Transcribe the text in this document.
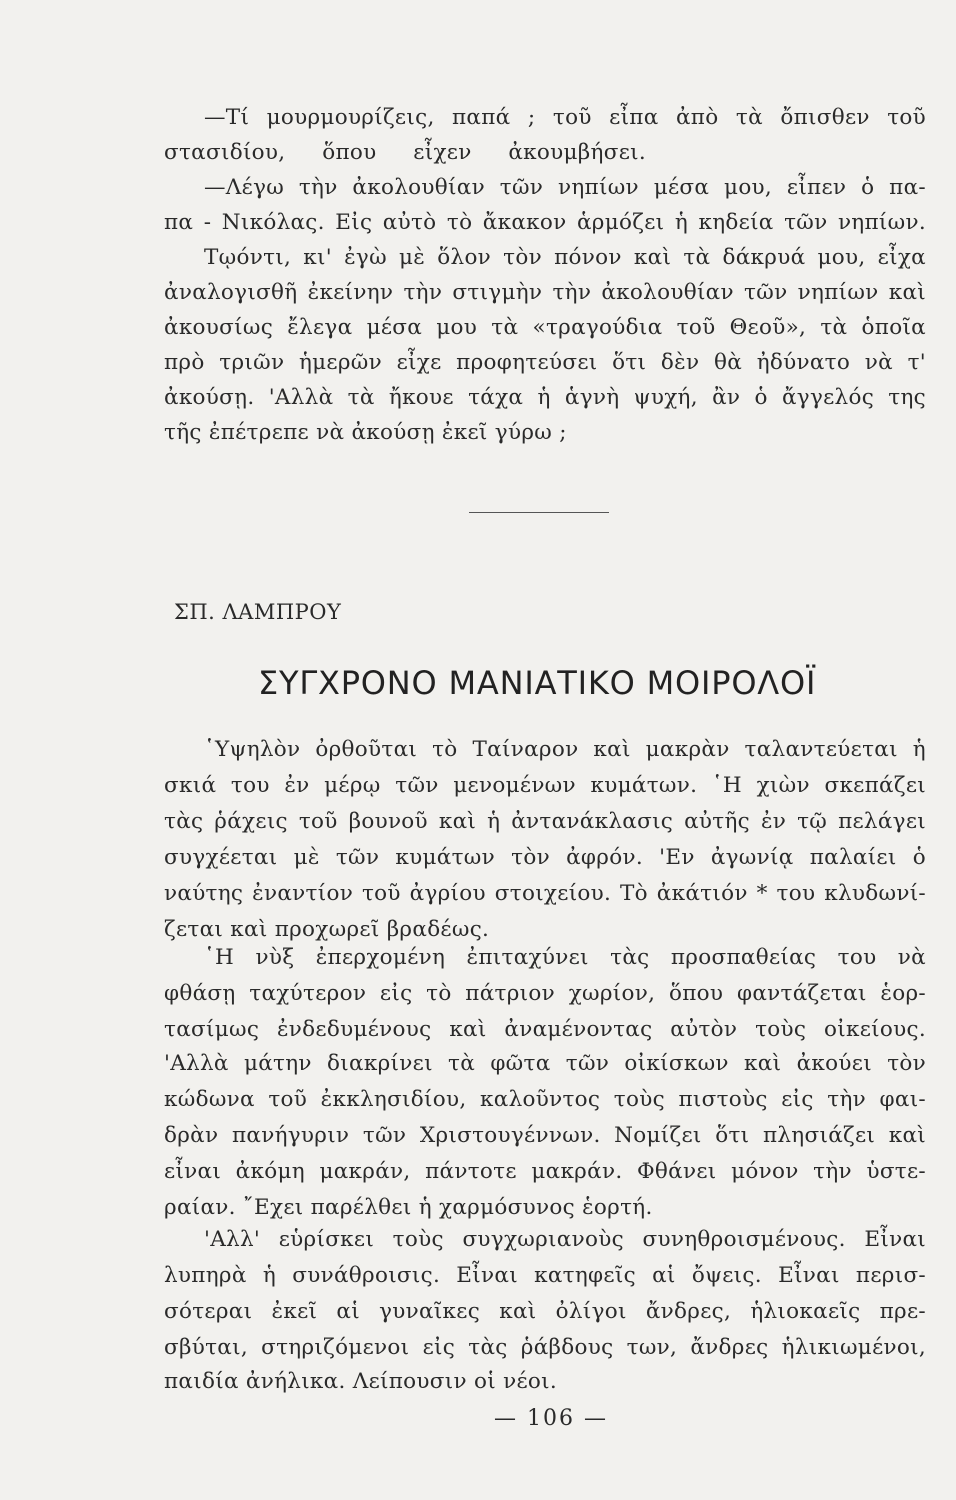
—Τί μουρμουρίζεις, παπά ; τοῦ εἶπα ἀπὸ τὰ ὄπισθεν τοῦ
στασιδίου, ὅπου εἶχεν ἀκουμβήσει.
—Λέγω τὴν ἀκολουθίαν τῶν νηπίων μέσα μου, εἶπεν ὁ πα-
πα - Νικόλας. Εἰς αὐτὸ τὸ ἄκακον ἁρμόζει ἡ κηδεία τῶν νηπίων.
Τῳόντι, κι' ἐγὼ μὲ ὅλον τὸν πόνον καὶ τὰ δάκρυά μου, εἶχα
ἀναλογισθῆ ἐκείνην τὴν στιγμὴν τὴν ἀκολουθίαν τῶν νηπίων καὶ
ἀκουσίως ἔλεγα μέσα μου τὰ «τραγούδια τοῦ Θεοῦ», τὰ ὁποῖα
πρὸ τριῶν ἡμερῶν εἶχε προφητεύσει ὅτι δὲν θὰ ἠδύνατο νὰ τ'
ἀκούσῃ. 'Αλλὰ τὰ ἤκουε τάχα ἡ ἁγνὴ ψυχή, ἂν ὁ ἄγγελός της
τῆς ἐπέτρεπε νὰ ἀκούσῃ ἐκεῖ γύρω ;
ΣΠ. ΛΑΜΠΡΟΥ
ΣΥΓΧΡΟΝΟ ΜΑΝΙΑΤΙΚΟ ΜΟΙΡΟΛΟΪ
῾Υψηλὸν ὀρθοῦται τὸ Ταίναρον καὶ μακρὰν ταλαντεύεται ἡ
σκιά του ἐν μέρῳ τῶν μενομένων κυμάτων. ῾Η χιὼν σκεπάζει
τὰς ῥάχεις τοῦ βουνοῦ καὶ ἡ ἀντανάκλασις αὐτῆς ἐν τῷ πελάγει
συγχέεται μὲ τῶν κυμάτων τὸν ἀφρόν. 'Εν ἀγωνίᾳ παλαίει ὁ
ναύτης ἐναντίον τοῦ ἀγρίου στοιχείου. Τὸ ἀκάτιόν * του κλυδωνί-
ζεται καὶ προχωρεῖ βραδέως.
῾Η νὺξ ἐπερχομένη ἐπιταχύνει τὰς προσπαθείας του νὰ
φθάσῃ ταχύτερον εἰς τὸ πάτριον χωρίον, ὅπου φαντάζεται ἑορ-
τασίμως ἐνδεδυμένους καὶ ἀναμένοντας αὐτὸν τοὺς οἰκείους.
'Αλλὰ μάτην διακρίνει τὰ φῶτα τῶν οἰκίσκων καὶ ἀκούει τὸν
κώδωνα τοῦ ἐκκλησιδίου, καλοῦντος τοὺς πιστοὺς εἰς τὴν φαι-
δρὰν πανήγυριν τῶν Χριστουγέννων. Νομίζει ὅτι πλησιάζει καὶ
εἶναι ἀκόμη μακράν, πάντοτε μακράν. Φθάνει μόνον τὴν ὑστε-
ραίαν. ῎Εχει παρέλθει ἡ χαρμόσυνος ἑορτή.
'Αλλ' εὑρίσκει τοὺς συγχωριανοὺς συνηθροισμένους. Εἶναι
λυπηρὰ ἡ συνάθροισις. Εἶναι κατηφεῖς αἱ ὄψεις. Εἶναι περισ-
σότεραι ἐκεῖ αἱ γυναῖκες καὶ ὀλίγοι ἄνδρες, ἡλιοκαεῖς πρε-
σβύται, στηριζόμενοι εἰς τὰς ῥάβδους των, ἄνδρες ἡλικιωμένοι,
παιδία ἀνήλικα. Λείπουσιν οἱ νέοι.
— 106 —
